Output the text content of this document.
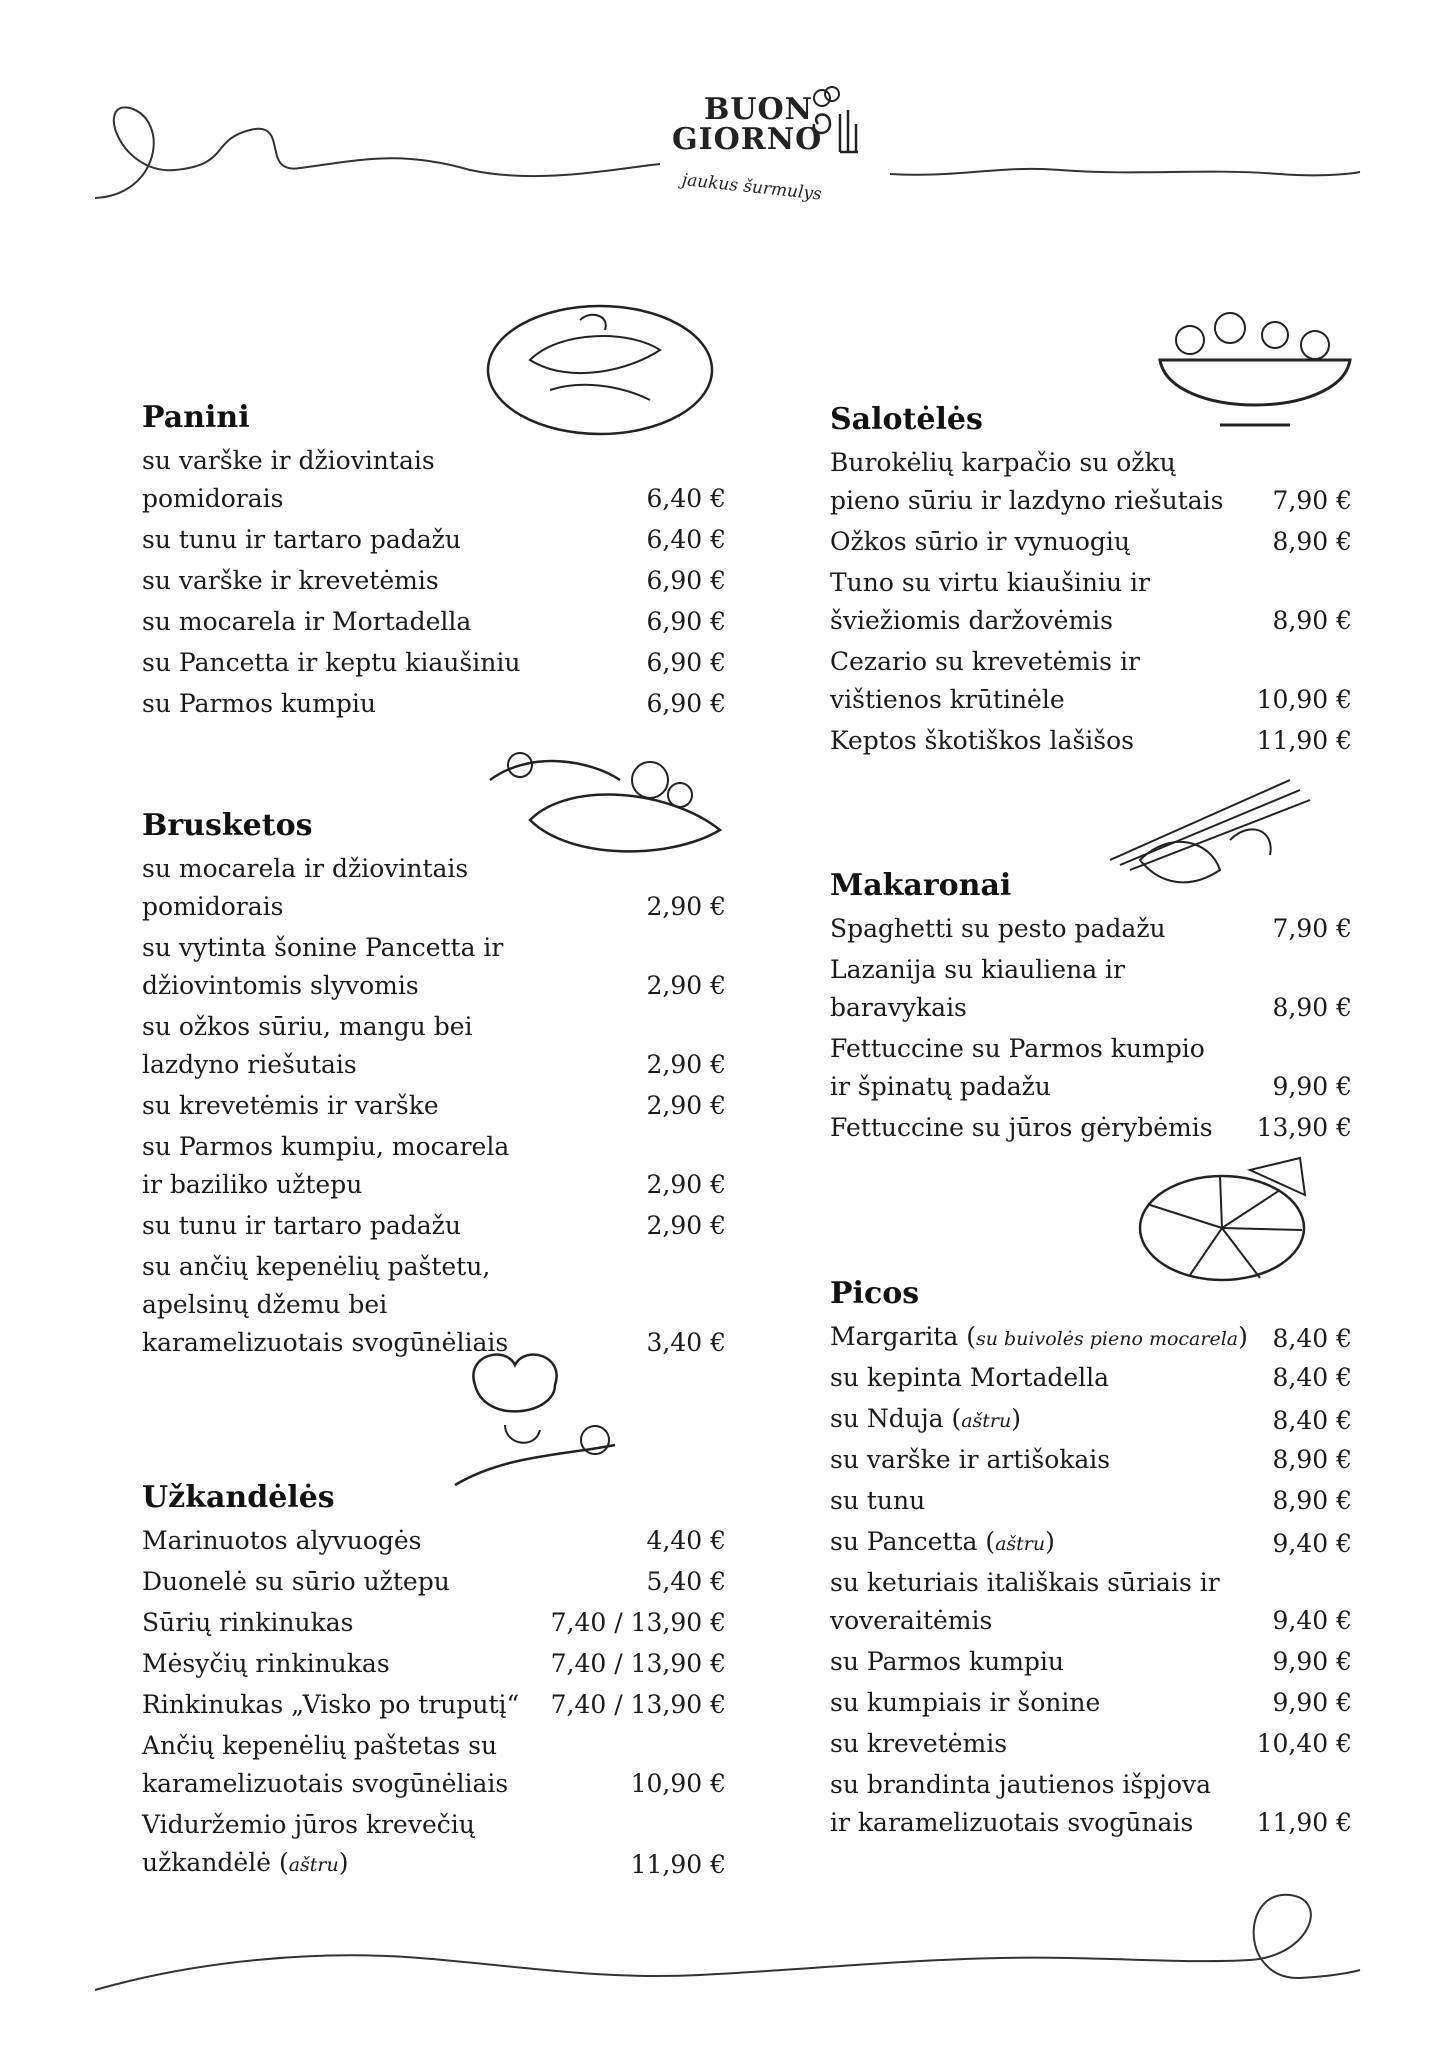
BUON
GIORNO
jaukus šurmulys
Panini
su varške ir džiovintais
pomidorais	6,40 €
su tunu ir tartaro padažu	6,40 €
su varške ir krevetėmis	6,90 €
su mocarela ir Mortadella	6,90 €
su Pancetta ir keptu kiaušiniu	6,90 €
su Parmos kumpiu	6,90 €
Brusketos
su mocarela ir džiovintais
pomidorais	2,90 €
su vytinta šonine Pancetta ir
džiovintomis slyvomis	2,90 €
su ožkos sūriu, mangu bei
lazdyno riešutais	2,90 €
su krevetėmis ir varške	2,90 €
su Parmos kumpiu, mocarela
ir baziliko užtepu	2,90 €
su tunu ir tartaro padažu	2,90 €
su ančių kepenėlių paštetu,
apelsinų džemu bei
karamelizuotais svogūnėliais	3,40 €
Užkandėlės
Marinuotos alyvuogės	4,40 €
Duonelė su sūrio užtepu	5,40 €
Sūrių rinkinukas	7,40 / 13,90 €
Mėsyčių rinkinukas	7,40 / 13,90 €
Rinkinukas „Visko po truputį“	7,40 / 13,90 €
Ančių kepenėlių paštetas su
karamelizuotais svogūnėliais	10,90 €
Viduržemio jūros krevečių
užkandėlė (aštru)	11,90 €
Salotėlės
Burokėlių karpačio su ožkų
pieno sūriu ir lazdyno riešutais	7,90 €
Ožkos sūrio ir vynuogių	8,90 €
Tuno su virtu kiaušiniu ir
šviežiomis daržovėmis	8,90 €
Cezario su krevetėmis ir
vištienos krūtinėle	10,90 €
Keptos škotiškos lašišos	11,90 €
Makaronai
Spaghetti su pesto padažu	7,90 €
Lazanija su kiauliena ir
baravykais	8,90 €
Fettuccine su Parmos kumpio
ir špinatų padažu	9,90 €
Fettuccine su jūros gėrybėmis	13,90 €
Picos
Margarita (su buivolės pieno mocarela) 8,40 €
su kepinta Mortadella	8,40 €
su Nduja (aštru)	8,40 €
su varške ir artišokais	8,90 €
su tunu	8,90 €
su Pancetta (aštru)	9,40 €
su keturiais itališkais sūriais ir
voveraitėmis	9,40 €
su Parmos kumpiu	9,90 €
su kumpiais ir šonine	9,90 €
su krevetėmis	10,40 €
su brandinta jautienos išpjova
ir karamelizuotais svogūnais	11,90 €
